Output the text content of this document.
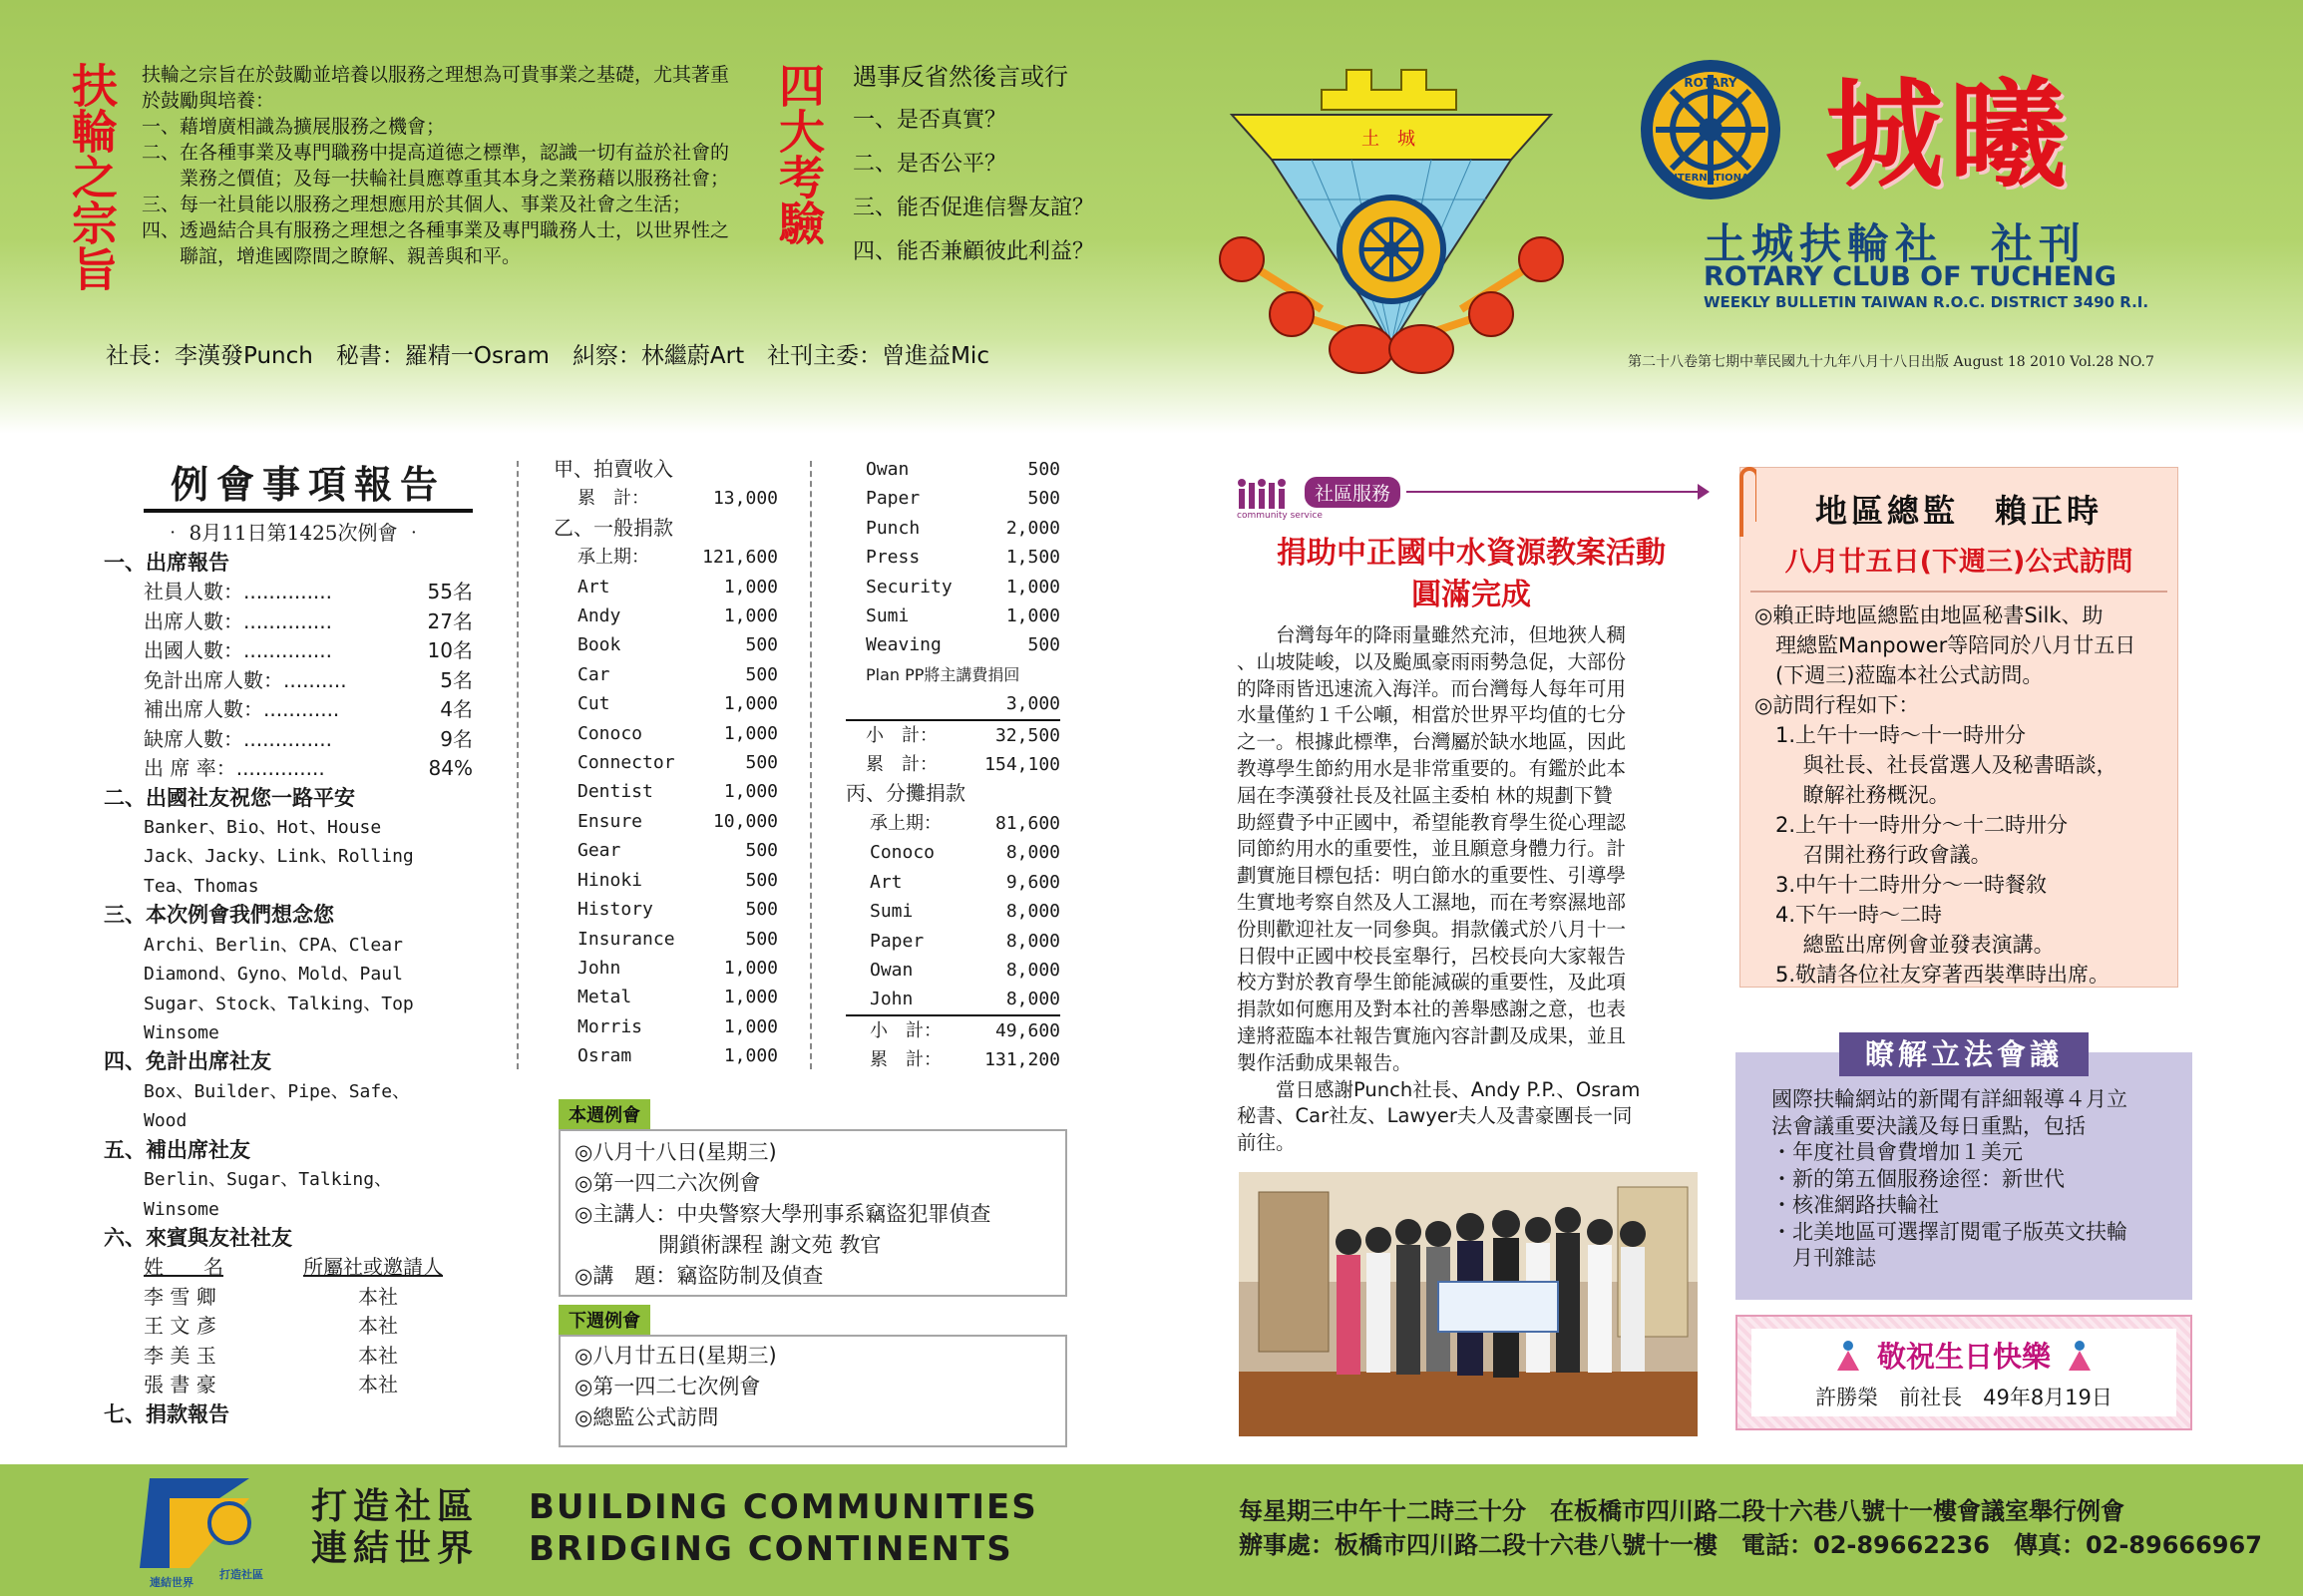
扶輪之宗旨 扶輪之宗旨在於鼓勵並培養以服務之理想為可貴事業之基礎，尤其著重
於鼓勵與培養：
一、藉增廣相識為擴展服務之機會；
二、在各種事業及專門職務中提高道德之標準，認識一切有益於社會的
　　業務之價值；及每一扶輪社員應尊重其本身之業務藉以服務社會；
三、每一社員能以服務之理想應用於其個人、事業及社會之生活；
四、透過結合具有服務之理想之各種事業及專門職務人士，以世界性之
　　聯誼，增進國際間之瞭解、親善與和平。
四大考驗 遇事反省然後言或行
一、是否真實？
二、是否公平？
三、能否促進信譽友誼？
四、能否兼顧彼此利益？
社長：李漢發Punch　秘書：羅精一Osram　糾察：林繼蔚Art　社刊主委：曾進益Mic
土　城
ROTARY
INTERNATIONAL 城曦
土城扶輪社　社刊
ROTARY CLUB OF TUCHENG
WEEKLY BULLETIN TAIWAN R.O.C. DISTRICT 3490 R.I.
第二十八卷第七期中華民國九十九年八月十八日出版 August 18 2010 Vol.28 NO.7
例會事項報告
‧ 8月11日第1425次例會 ‧
一、出席報告
社員人數：..............	55名
出席人數：..............	27名
出國人數：..............	10名
免計出席人數：..........	5名
補出席人數：............	4名
缺席人數：..............	9名
出 席 率：..............	84%
二、出國社友祝您一路平安
Banker、Bio、Hot、House
Jack、Jacky、Link、Rolling
Tea、Thomas
三、本次例會我們想念您
Archi、Berlin、CPA、Clear
Diamond、Gyno、Mold、Paul
Sugar、Stock、Talking、Top
Winsome
四、免計出席社友
Box、Builder、Pipe、Safe、
Wood
五、補出席社友
Berlin、Sugar、Talking、
Winsome
六、來賓與友社社友
姓　　名	所屬社或邀請人
李 雪 卿	本社
王 文 彥	本社
李 美 玉	本社
張 書 豪	本社
七、捐款報告
甲、拍賣收入
累　計：	13,000
乙、一般捐款
承上期：	121,600
Art	1,000
Andy	1,000
Book	500
Car	500
Cut	1,000
Conoco	1,000
Connector	500
Dentist	1,000
Ensure	10,000
Gear	500
Hinoki	500
History	500
Insurance	500
John	1,000
Metal	1,000
Morris	1,000
Osram	1,000
Owan	500
Paper	500
Punch	2,000
Press	1,500
Security	1,000
Sumi	1,000
Weaving	500
Plan PP將主講費捐回
3,000
小　計：	32,500
累　計：	154,100
丙、分攤捐款
承上期：	81,600
Conoco	8,000
Art	9,600
Sumi	8,000
Paper	8,000
Owan	8,000
John	8,000
小　計：	49,600
累　計： 131,200
本週例會
◎八月十八日(星期三)
◎第一四二六次例會
◎主講人：中央警察大學刑事系竊盜犯罪偵查
　　　　開鎖術課程 謝文苑 教官
◎講　題：竊盜防制及偵查
下週例會
◎八月廿五日(星期三)
◎第一四二七次例會
◎總監公式訪問
社區服務
community service
捐助中正國中水資源教案活動
圓滿完成
　　台灣每年的降雨量雖然充沛，但地狹人稠
、山坡陡峻，以及颱風豪雨雨勢急促，大部份
的降雨皆迅速流入海洋。而台灣每人每年可用
水量僅約１千公噸，相當於世界平均值的七分
之一。根據此標準，台灣屬於缺水地區，因此
教導學生節約用水是非常重要的。有鑑於此本
屆在李漢發社長及社區主委柏 林的規劃下贊
助經費予中正國中，希望能教育學生從心理認
同節約用水的重要性，並且願意身體力行。計
劃實施目標包括：明白節水的重要性、引導學
生實地考察自然及人工濕地，而在考察濕地部
份則歡迎社友一同參與。捐款儀式於八月十一
日假中正國中校長室舉行，呂校長向大家報告
校方對於教育學生節能減碳的重要性，及此項
捐款如何應用及對本社的善舉感謝之意，也表
達將蒞臨本社報告實施內容計劃及成果，並且
製作活動成果報告。
　　當日感謝Punch社長、Andy P.P.、Osram
秘書、Car社友、Lawyer夫人及書豪團長一同
前往。
地區總監　賴正時
八月廿五日(下週三)公式訪問
◎賴正時地區總監由地區秘書Silk、助
　理總監Manpower等陪同於八月廿五日
　(下週三)蒞臨本社公式訪問。
◎訪問行程如下：
　1.上午十一時～十一時卅分
　　 與社長、社長當選人及秘書晤談，
　　 瞭解社務概況。
　2.上午十一時卅分～十二時卅分
　　 召開社務行政會議。
　3.中午十二時卅分～一時餐敘
　4.下午一時～二時
　　 總監出席例會並發表演講。
　5.敬請各位社友穿著西裝準時出席。
瞭解立法會議
國際扶輪網站的新聞有詳細報導４月立
法會議重要決議及每日重點，包括
・年度社員會費增加１美元
・新的第五個服務途徑：新世代
・核准網路扶輪社
・北美地區可選擇訂閱電子版英文扶輪
　月刊雜誌
敬祝生日快樂
許勝榮　前社長　49年8月19日
打造社區
連結世界
打造社區	BUILDING COMMUNITIES
連結世界	BRIDGING CONTINENTS
每星期三中午十二時三十分　在板橋市四川路二段十六巷八號十一樓會議室舉行例會
辦事處：板橋市四川路二段十六巷八號十一樓　電話：02-89662236　傳真：02-89666967
